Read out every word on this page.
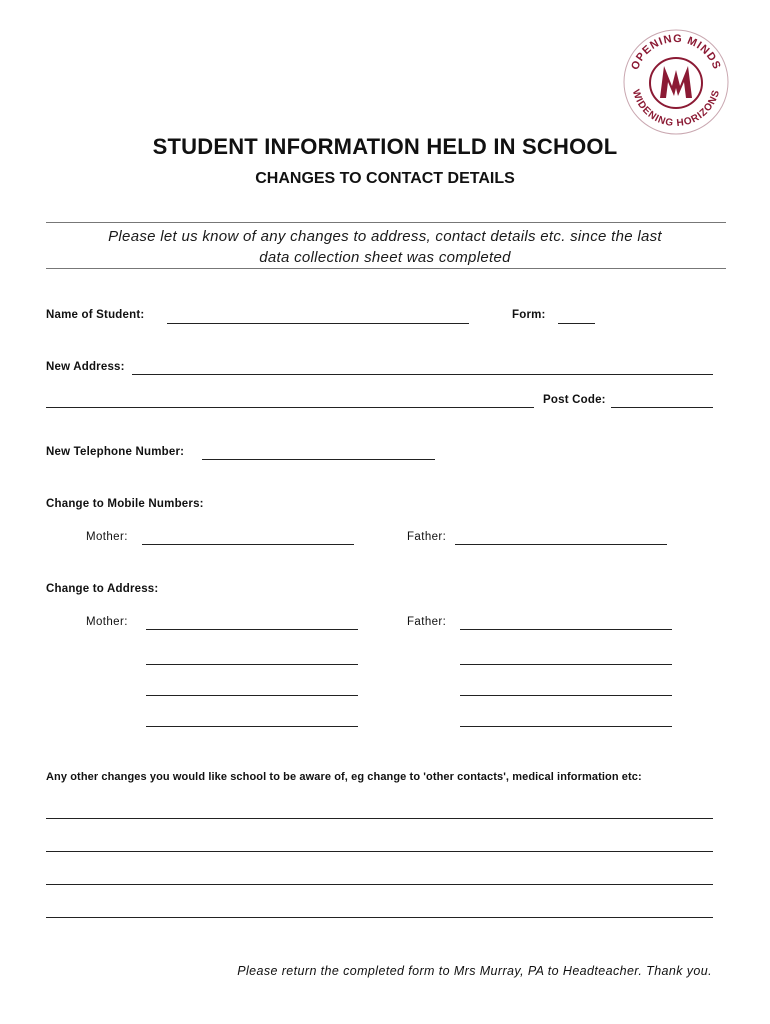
OPENING MINDS
WIDENING HORIZONS
STUDENT INFORMATION HELD IN SCHOOL
CHANGES TO CONTACT DETAILS
Please let us know of any changes to address, contact details etc. since the last
data collection sheet was completed
Name of Student:	Form:
New Address:
Post Code:
New Telephone Number:
Change to Mobile Numbers:
Mother:	Father:
Change to Address:
Mother:	Father:
Any other changes you would like school to be aware of, eg change to 'other contacts', medical information etc:
Please return the completed form to Mrs Murray, PA to Headteacher. Thank you.
